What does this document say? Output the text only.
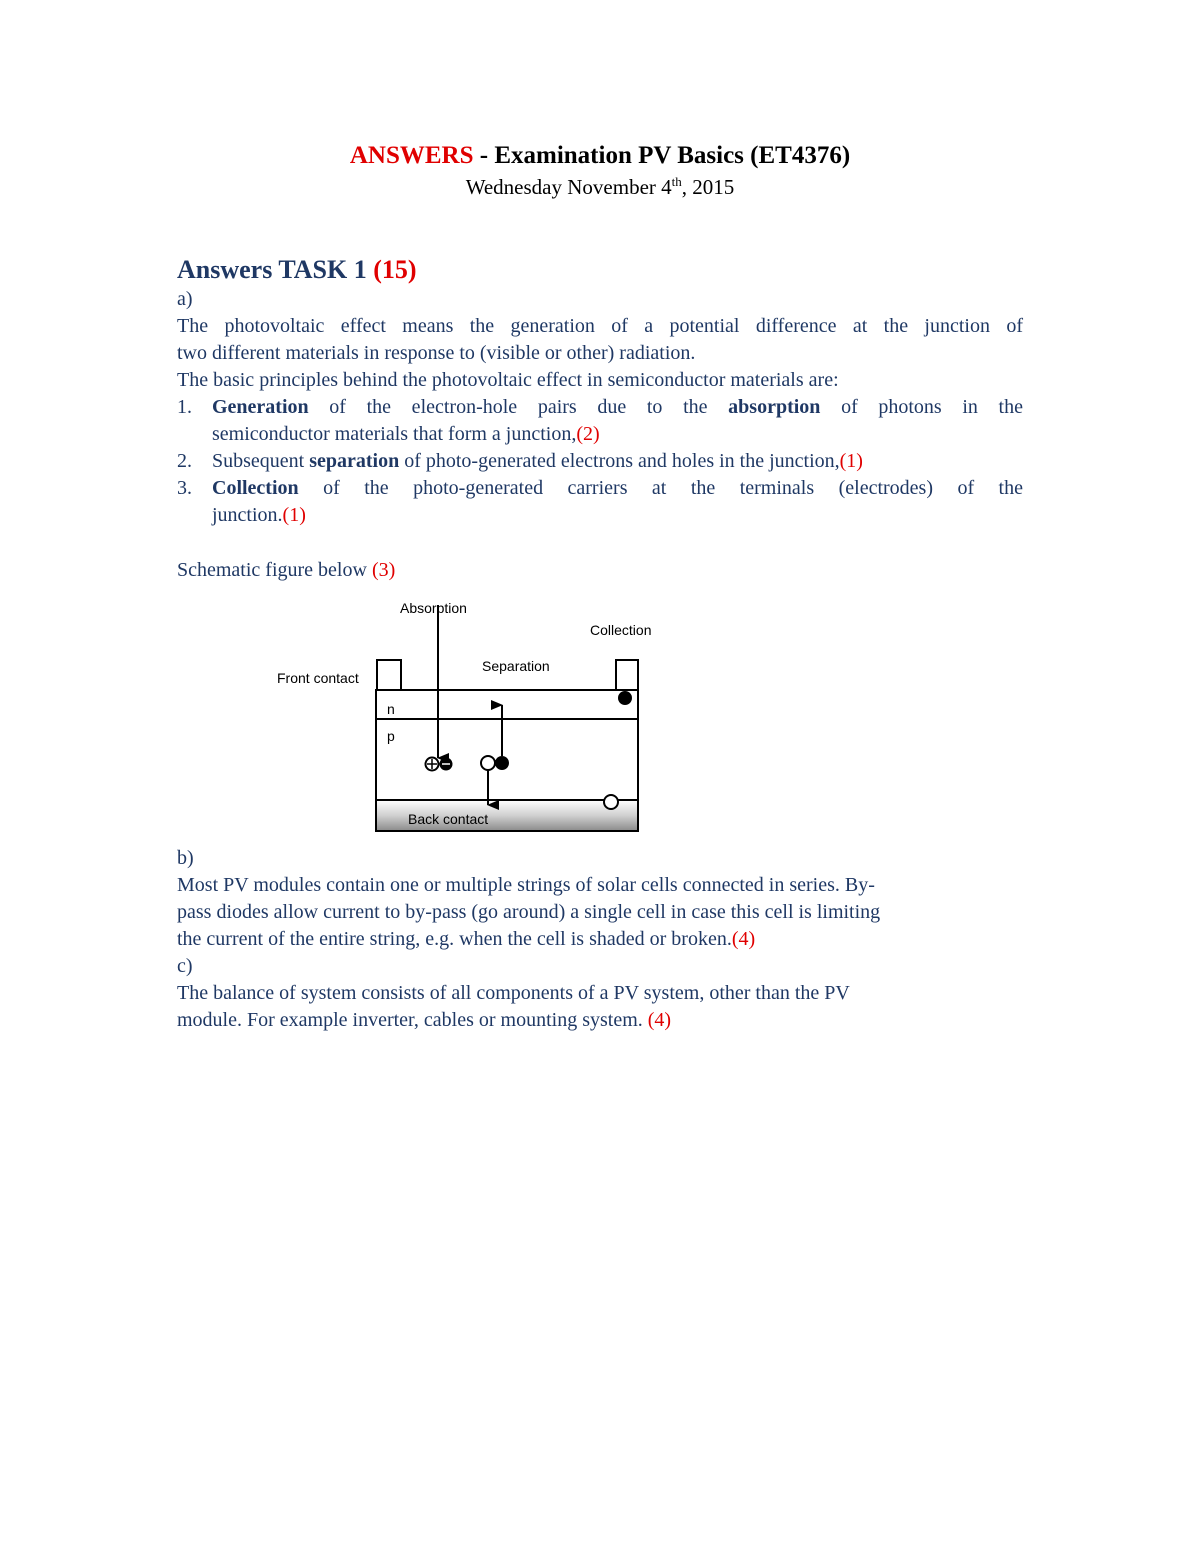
ANSWERS - Examination PV Basics (ET4376)
Wednesday November 4th, 2015
Answers TASK 1 (15)
a)
The photovoltaic effect means the generation of a potential difference at the junction of
two different materials in response to (visible or other) radiation.
The basic principles behind the photovoltaic effect in semiconductor materials are:
1.	Generation of the electron-hole pairs due to the absorption of photons in the
semiconductor materials that form a junction,(2)
2.	Subsequent separation of photo-generated electrons and holes in the junction,(1)
3.	Collection of the photo-generated carriers at the terminals (electrodes) of the
junction.(1)
Schematic figure below (3)
Absorption
Collection
Separation
Front contact
n
p
Back contact
b)
Most PV modules contain one or multiple strings of solar cells connected in series. By-
pass diodes allow current to by-pass (go around) a single cell in case this cell is limiting
the current of the entire string, e.g. when the cell is shaded or broken.(4)
c)
The balance of system consists of all components of a PV system, other than the PV
module. For example inverter, cables or mounting system. (4)
